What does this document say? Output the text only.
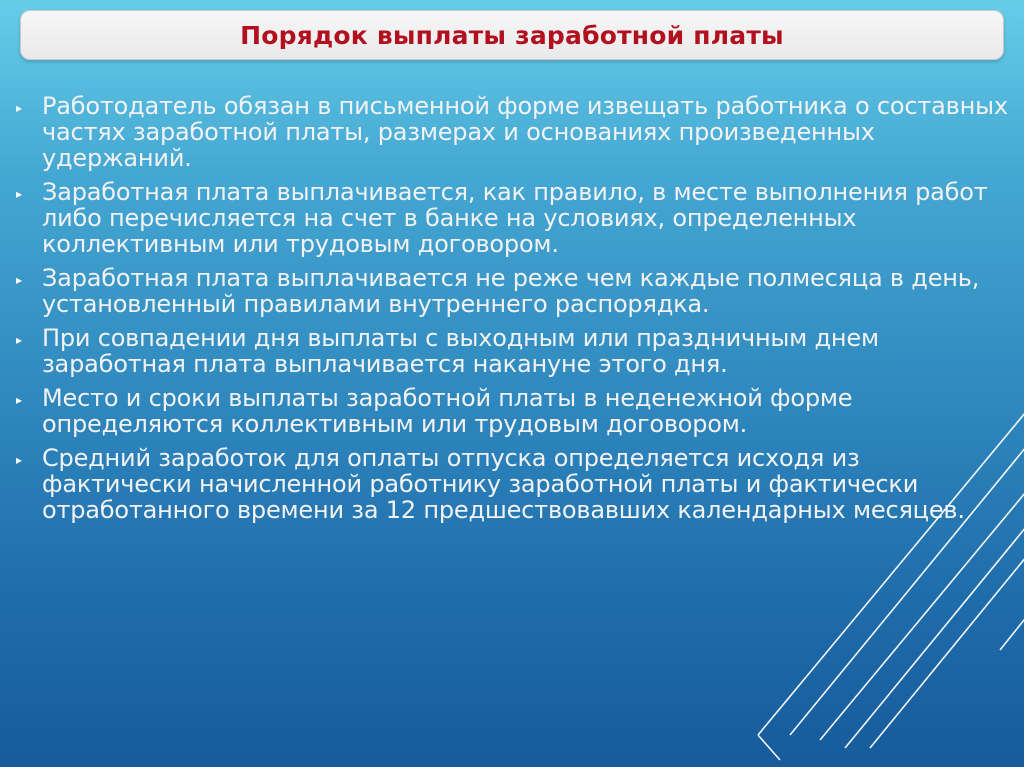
Порядок выплаты заработной платы
▸ Работодатель обязан в письменной форме извещать работника о составных частях заработной платы, размерах и основаниях произведенных удержаний.
▸ Заработная плата выплачивается, как правило, в месте выполнения работ либо перечисляется на счет в банке на условиях, определенных коллективным или трудовым договором.
▸ Заработная плата выплачивается не реже чем каждые полмесяца в день, установленный правилами внутреннего распорядка.
▸ При совпадении дня выплаты с выходным или праздничным днем заработная плата выплачивается накануне этого дня.
▸ Место и сроки выплаты заработной платы в неденежной форме определяются коллективным или трудовым договором.
▸ Средний заработок для оплаты отпуска определяется исходя из фактически начисленной работнику заработной платы и фактически отработанного времени за 12 предшествовавших календарных месяцев.
